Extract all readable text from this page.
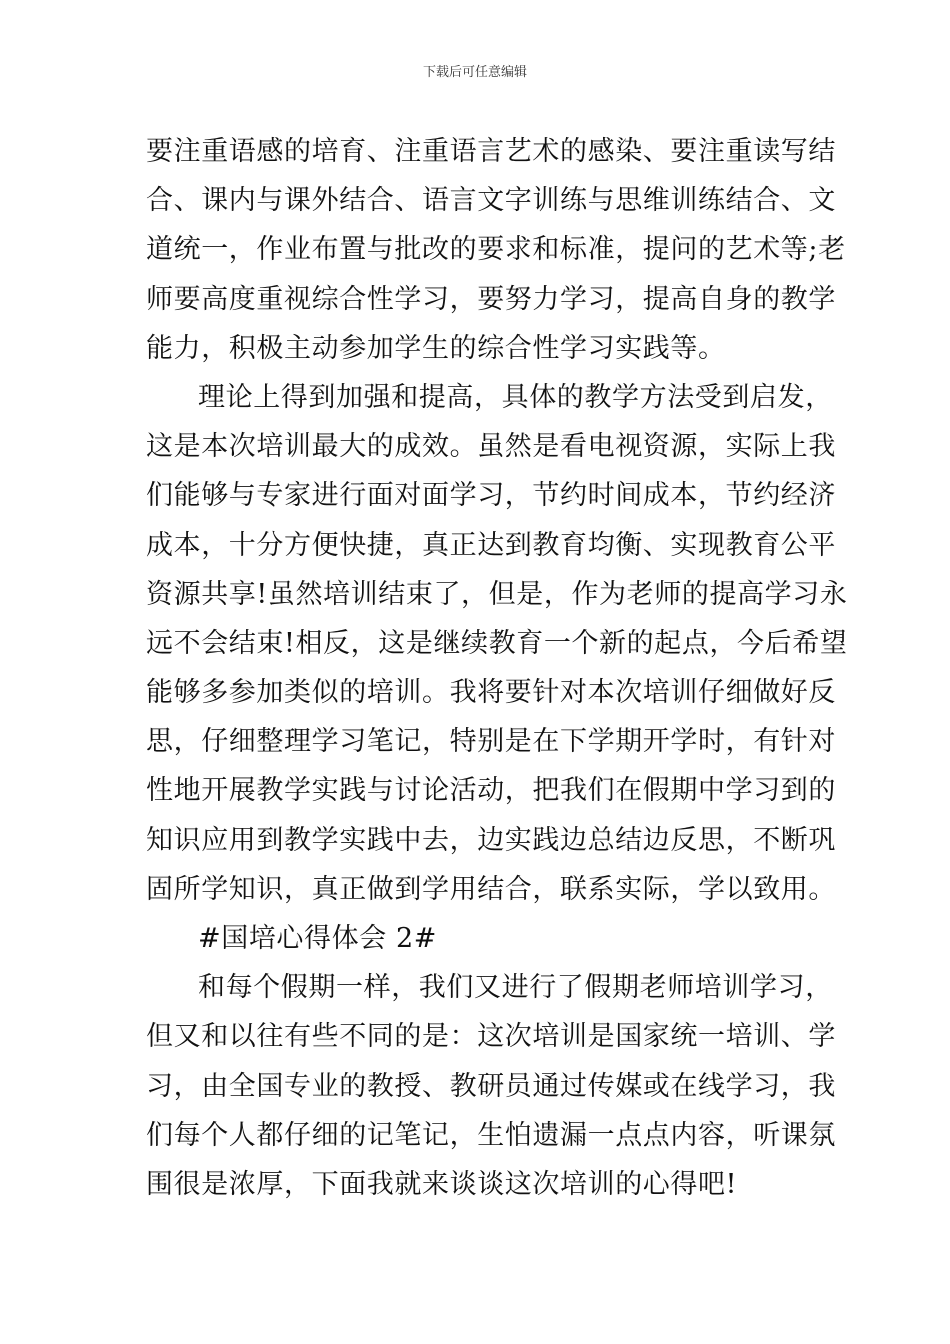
下载后可任意编辑
要注重语感的培育、注重语言艺术的感染、要注重读写结
合、课内与课外结合、语言文字训练与思维训练结合、文
道统一，作业布置与批改的要求和标准，提问的艺术等;老
师要高度重视综合性学习，要努力学习，提高自身的教学
能力，积极主动参加学生的综合性学习实践等。
理论上得到加强和提高，具体的教学方法受到启发，
这是本次培训最大的成效。虽然是看电视资源，实际上我
们能够与专家进行面对面学习，节约时间成本，节约经济
成本，十分方便快捷，真正达到教育均衡、实现教育公平
资源共享!虽然培训结束了，但是，作为老师的提高学习永
远不会结束!相反，这是继续教育一个新的起点，今后希望
能够多参加类似的培训。我将要针对本次培训仔细做好反
思，仔细整理学习笔记，特别是在下学期开学时，有针对
性地开展教学实践与讨论活动，把我们在假期中学习到的
知识应用到教学实践中去，边实践边总结边反思，不断巩
固所学知识，真正做到学用结合，联系实际，学以致用。
#国培心得体会 2#
和每个假期一样，我们又进行了假期老师培训学习，
但又和以往有些不同的是：这次培训是国家统一培训、学
习，由全国专业的教授、教研员通过传媒或在线学习，我
们每个人都仔细的记笔记，生怕遗漏一点点内容，听课氛
围很是浓厚，下面我就来谈谈这次培训的心得吧!
